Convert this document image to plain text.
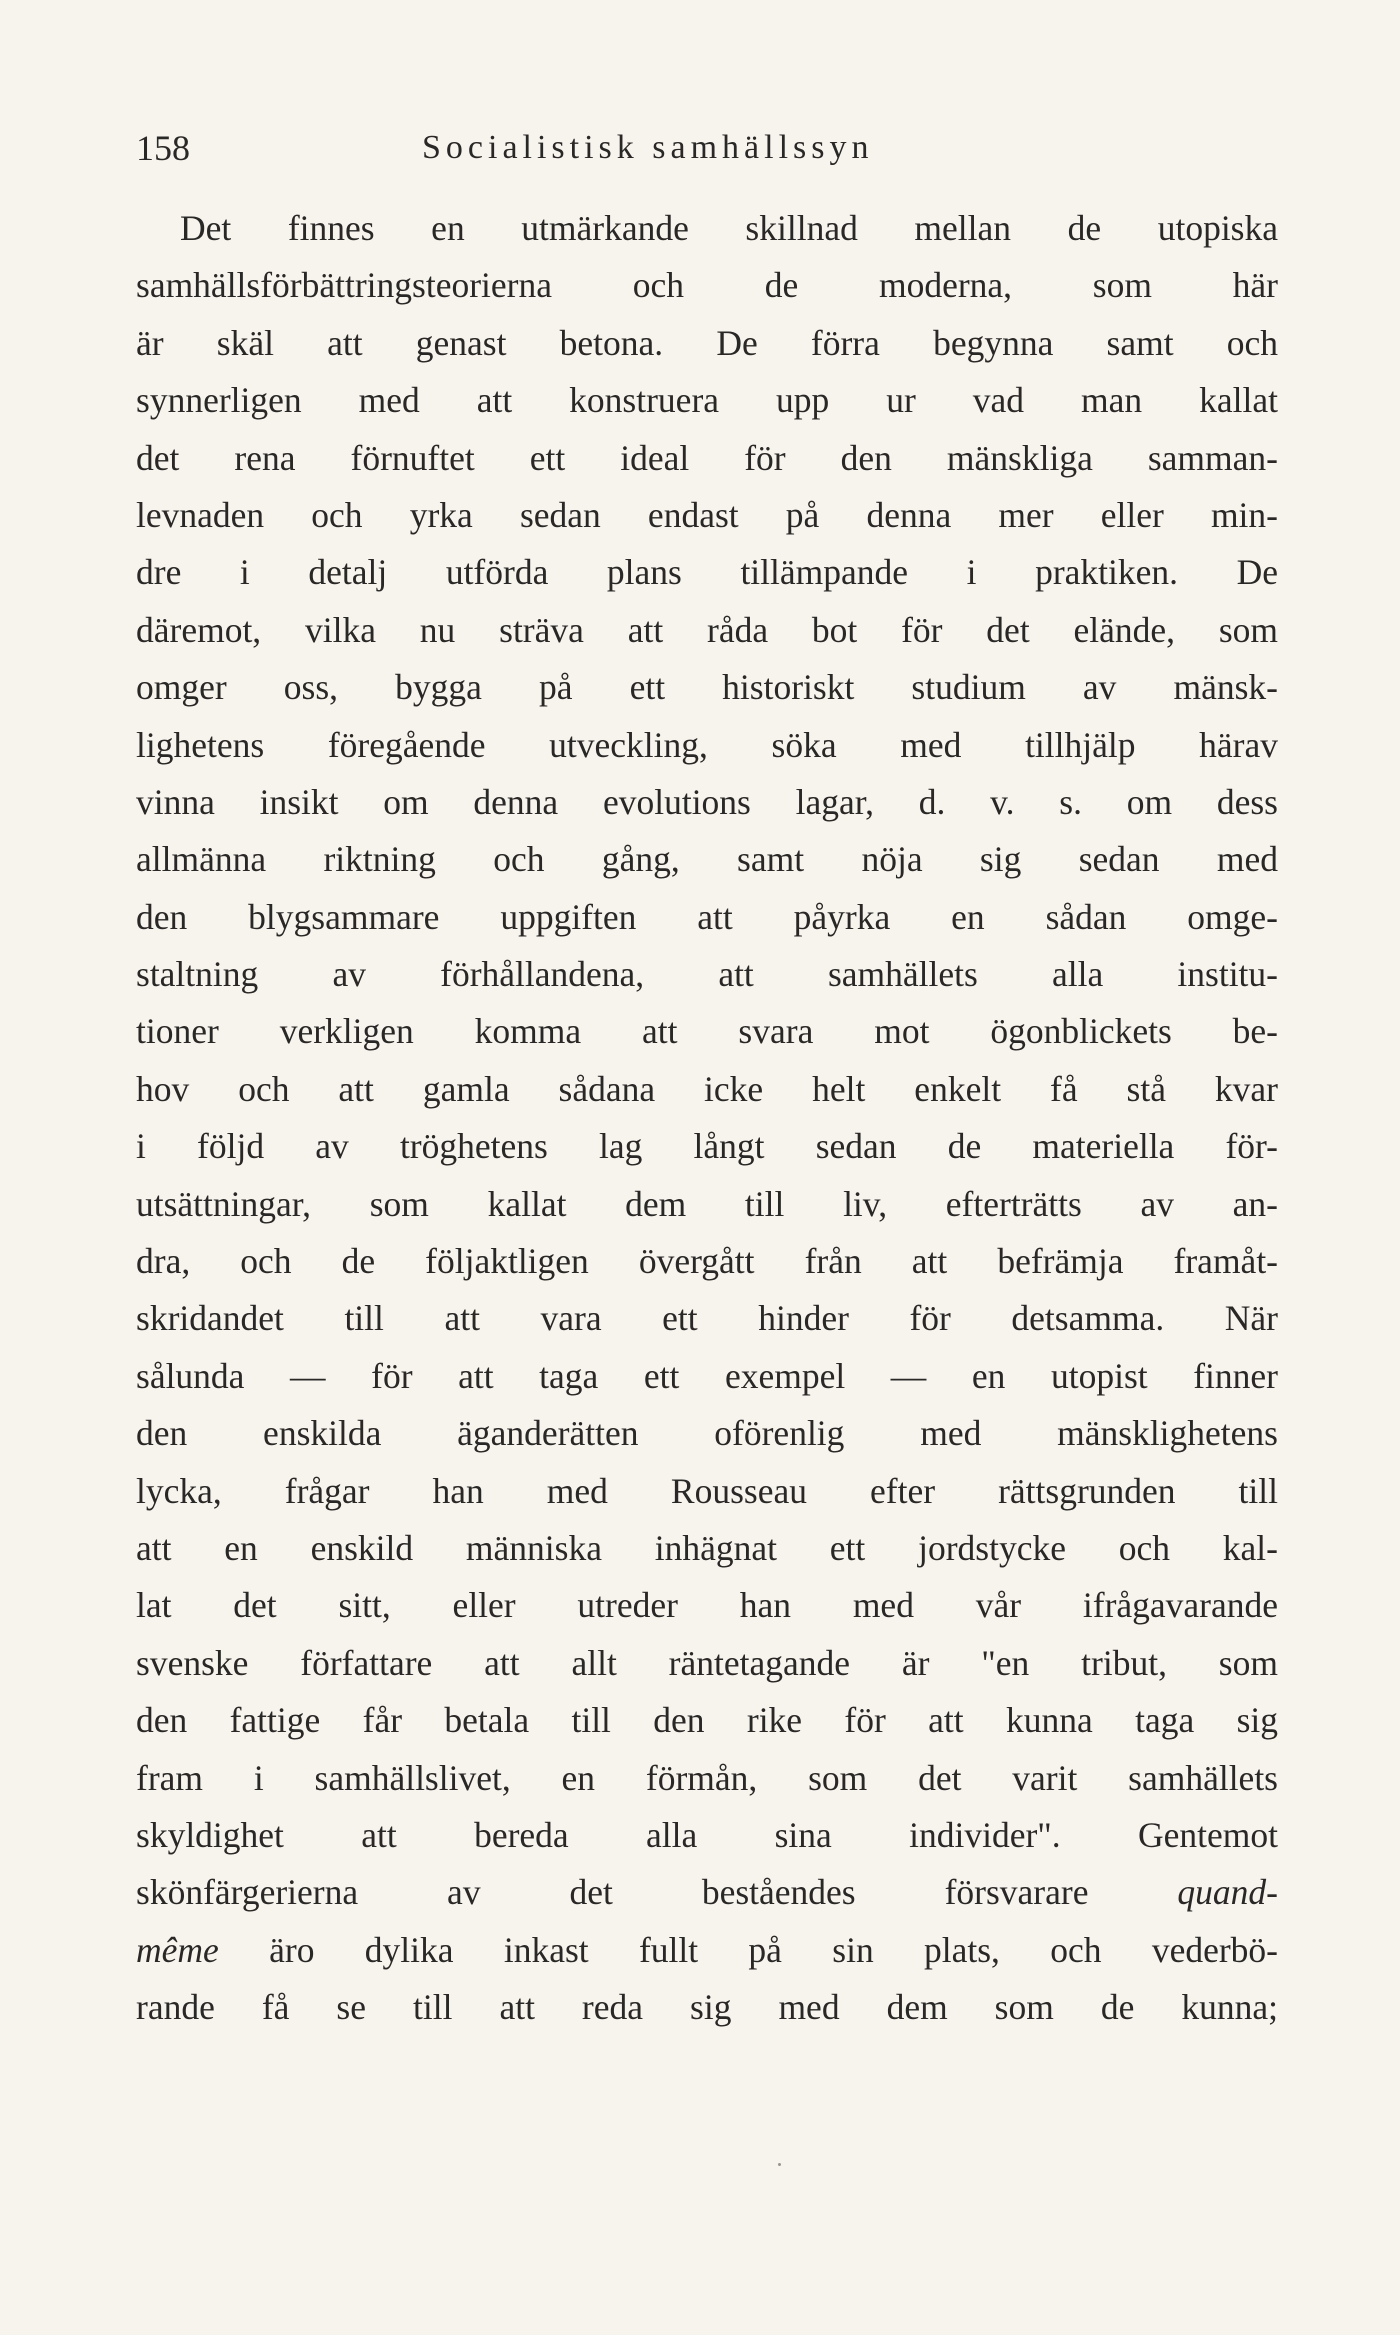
158	Socialistisk samhällssyn
Det finnes en utmärkande skillnad mellan de utopiska
samhällsförbättringsteorierna och de moderna, som här
är skäl att genast betona. De förra begynna samt och
synnerligen med att konstruera upp ur vad man kallat
det rena förnuftet ett ideal för den mänskliga samman-
levnaden och yrka sedan endast på denna mer eller min-
dre i detalj utförda plans tillämpande i praktiken. De
däremot, vilka nu sträva att råda bot för det elände, som
omger oss, bygga på ett historiskt studium av mänsk-
lighetens föregående utveckling, söka med tillhjälp härav
vinna insikt om denna evolutions lagar, d. v. s. om dess
allmänna riktning och gång, samt nöja sig sedan med
den blygsammare uppgiften att påyrka en sådan omge-
staltning av förhållandena, att samhällets alla institu-
tioner verkligen komma att svara mot ögonblickets be-
hov och att gamla sådana icke helt enkelt få stå kvar
i följd av tröghetens lag långt sedan de materiella för-
utsättningar, som kallat dem till liv, efterträtts av an-
dra, och de följaktligen övergått från att befrämja framåt-
skridandet till att vara ett hinder för detsamma. När
sålunda — för att taga ett exempel — en utopist finner
den enskilda äganderätten oförenlig med mänsklighetens
lycka, frågar han med Rousseau efter rättsgrunden till
att en enskild människa inhägnat ett jordstycke och kal-
lat det sitt, eller utreder han med vår ifrågavarande
svenske författare att allt räntetagande är "en tribut, som
den fattige får betala till den rike för att kunna taga sig
fram i samhällslivet, en förmån, som det varit samhällets
skyldighet att bereda alla sina individer". Gentemot
skönfärgerierna av det beståendes försvarare quand-
même äro dylika inkast fullt på sin plats, och vederbö-
rande få se till att reda sig med dem som de kunna;
